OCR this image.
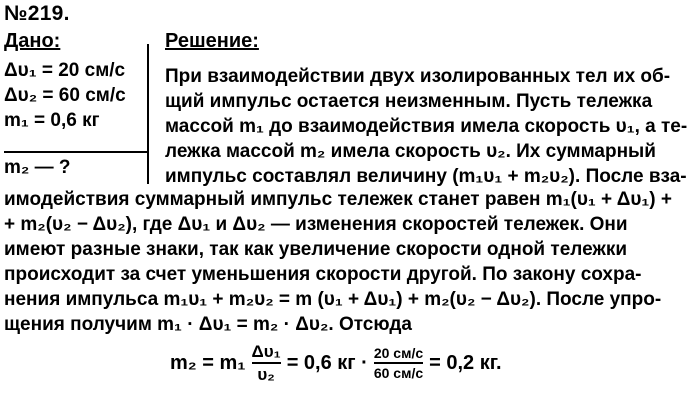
№219.
Дано:	Решение:
Δυ₁ = 20 см/с
Δυ₂ = 60 см/с
m₁ = 0,6 кг
m₂ — ?
При взаимодействии двух изолированных тел их об-
щий импульс остается неизменным. Пусть тележка
массой m₁ до взаимодействия имела скорость υ₁, а те-
лежка массой m₂ имела скорость υ₂. Их суммарный
импульс составлял величину (m₁υ₁ + m₂υ₂). После вза-
имодействия суммарный импульс тележек станет равен m₁(υ₁ + Δυ₁) +
+ m₂(υ₂ − Δυ₂), где Δυ₁ и Δυ₂ — изменения скоростей тележек. Они
имеют разные знаки, так как увеличение скорости одной тележки
происходит за счет уменьшения скорости другой. По закону сохра-
нения импульса m₁υ₁ + m₂υ₂ = m (υ₁ + Δυ₁) + m₂(υ₂ − Δυ₂). После упро-
щения получим m₁ · Δυ₁ = m₂ · Δυ₂. Отсюда
$m_2 = m_1 \frac{\text{Δυ₁}}{\text{υ₂}} = 0,6$ кг · $\frac{20 см/с}{60 см/с} = 0,2$ кг.
